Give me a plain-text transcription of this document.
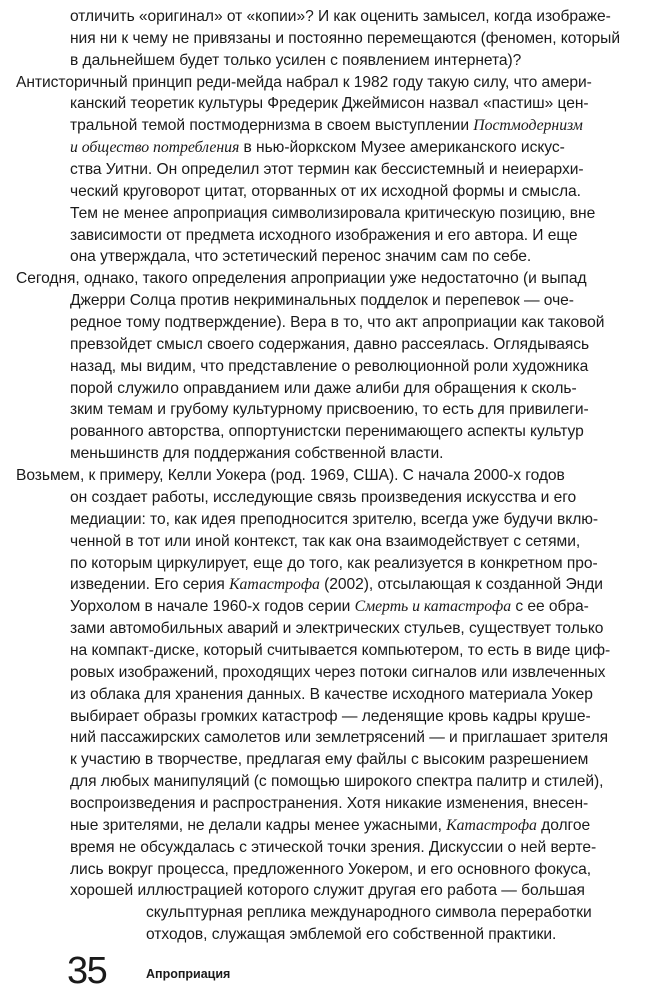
отличить «оригинал» от «копии»? И как оценить замысел, когда изображе-
ния ни к чему не привязаны и постоянно перемещаются (феномен, который
в дальнейшем будет только усилен с появлением интернета)?
Антисторичный принцип реди-мейда набрал к 1982 году такую силу, что амери-
канский теоретик культуры Фредерик Джеймисон назвал «пастиш» цен-
тральной темой постмодернизма в своем выступлении Постмодернизм
и общество потребления в нью-йоркском Музее американского искус-
ства Уитни. Он определил этот термин как бессистемный и неиерархи-
ческий круговорот цитат, оторванных от их исходной формы и смысла.
Тем не менее апроприация символизировала критическую позицию, вне
зависимости от предмета исходного изображения и его автора. И еще
она утверждала, что эстетический перенос значим сам по себе.
Сегодня, однако, такого определения апроприации уже недостаточно (и выпад
Джерри Солца против некриминальных подделок и перепевок — оче-
редное тому подтверждение). Вера в то, что акт апроприации как таковой
превзойдет смысл своего содержания, давно рассеялась. Оглядываясь
назад, мы видим, что представление о революционной роли художника
порой служило оправданием или даже алиби для обращения к сколь-
зким темам и грубому культурному присвоению, то есть для привилеги-
рованного авторства, оппортунистски перенимающего аспекты культур
меньшинств для поддержания собственной власти.
Возьмем, к примеру, Келли Уокера (род. 1969, США). С начала 2000-х годов
он создает работы, исследующие связь произведения искусства и его
медиации: то, как идея преподносится зрителю, всегда уже будучи вклю-
ченной в тот или иной контекст, так как она взаимодействует с сетями,
по которым циркулирует, еще до того, как реализуется в конкретном про-
изведении. Его серия Катастрофа (2002), отсылающая к созданной Энди
Уорхолом в начале 1960-х годов серии Смерть и катастрофа с ее обра-
зами автомобильных аварий и электрических стульев, существует только
на компакт-диске, который считывается компьютером, то есть в виде циф-
ровых изображений, проходящих через потоки сигналов или извлеченных
из облака для хранения данных. В качестве исходного материала Уокер
выбирает образы громких катастроф — леденящие кровь кадры круше-
ний пассажирских самолетов или землетрясений — и приглашает зрителя
к участию в творчестве, предлагая ему файлы с высоким разрешением
для любых манипуляций (с помощью широкого спектра палитр и стилей),
воспроизведения и распространения. Хотя никакие изменения, внесен-
ные зрителями, не делали кадры менее ужасными, Катастрофа долгое
время не обсуждалась с этической точки зрения. Дискуссии о ней верте-
лись вокруг процесса, предложенного Уокером, и его основного фокуса,
хорошей иллюстрацией которого служит другая его работа — большая
скульптурная реплика международного символа переработки
отходов, служащая эмблемой его собственной практики.
35	Апроприация
